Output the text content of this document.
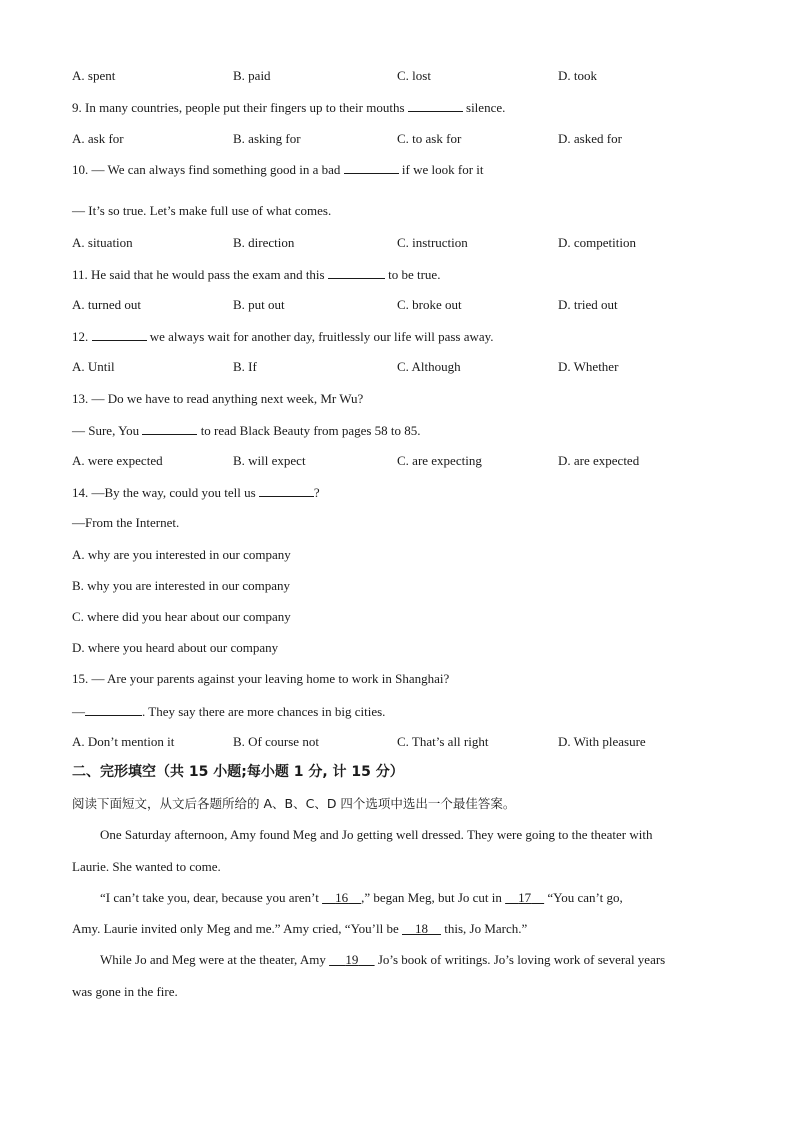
A. spent	B. paid	C. lost	D. took
9. In many countries, people put their fingers up to their mouths	silence.
A. ask for	B. asking for	C. to ask for	D. asked for
10. — We can always find something good in a bad	if we look for it
— It’s so true. Let’s make full use of what comes.
A. situation	B. direction	C. instruction	D. competition
11. He said that he would pass the exam and this	to be true.
A. turned out	B. put out	C. broke out	D. tried out
12.	we always wait for another day, fruitlessly our life will pass away.
A. Until	B. If	C. Although	D. Whether
13. — Do we have to read anything next week, Mr Wu?
— Sure, You	to read Black Beauty from pages 58 to 85.
A. were expected	B. will expect	C. are expecting	D. are expected
14. —By the way, could you tell us	?
—From the Internet.
A. why are you interested in our company
B. why you are interested in our company
C. where did you hear about our company
D. where you heard about our company
15. — Are your parents against your leaving home to work in Shanghai?
—	. They say there are more chances in big cities.
A. Don’t mention it	B. Of course not	C. That’s all right	D. With pleasure
二、完形填空（共 15 小题;每小题 1 分, 计 15 分）
阅读下面短文，从文后各题所给的 A、B、C、D 四个选项中选出一个最佳答案。
One Saturday afternoon, Amy found Meg and Jo getting well dressed. They were going to the theater with
Laurie. She wanted to come.
“I can’t take you, dear, because you aren’t 16 ,” began Meg, but Jo cut in 17 “You can’t go,
Amy. Laurie invited only Meg and me.” Amy cried, “You’ll be 18 this, Jo March.”
While Jo and Meg were at the theater, Amy 19 Jo’s book of writings. Jo’s loving work of several years
was gone in the fire.
